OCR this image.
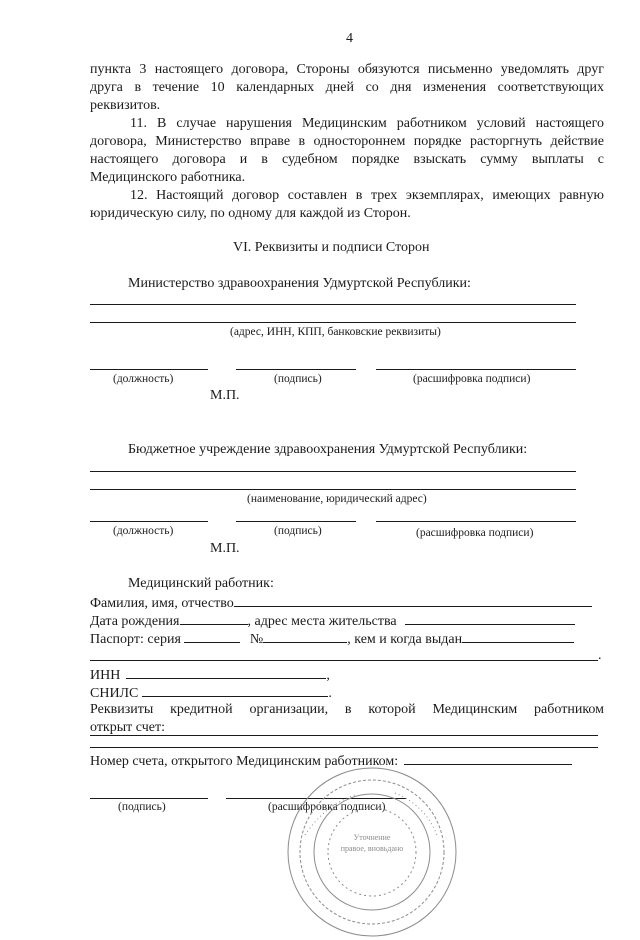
4
пункта 3 настоящего договора, Стороны обязуются письменно уведомлять друг
друга в течение 10 календарных дней со дня изменения соответствующих
реквизитов.
11. В случае нарушения Медицинским работником условий настоящего
договора, Министерство вправе в одностороннем порядке расторгнуть действие
настоящего договора и в судебном порядке взыскать сумму выплаты с
Медицинского работника.
12. Настоящий договор составлен в трех экземплярах, имеющих равную
юридическую силу, по одному для каждой из Сторон.
VI. Реквизиты и подписи Сторон
Министерство здравоохранения Удмуртской Республики:
(адрес, ИНН, КПП, банковские реквизиты)
(должность)	(подпись)	(расшифровка подписи)
М.П.
Бюджетное учреждение здравоохранения Удмуртской Республики:
(наименование, юридический адрес)
(должность)	(подпись)	(расшифровка подписи)
М.П.
Медицинский работник:
Фамилия, имя, отчество
Дата рождения	, адрес места жительства
Паспорт: серия	№	, кем и когда выдан
.
ИНН	,
СНИЛС	.
Реквизиты кредитной организации, в которой Медицинским работником
открыт счет:
Номер счета, открытого Медицинским работником:
(подпись)	(расшифровка подписи)
Уточнение
правое, вновьдано
